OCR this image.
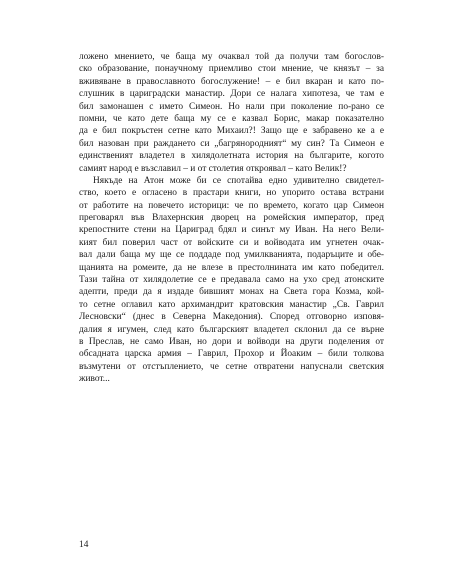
ложено мнението, че баща му очаквал той да получи там богослов-
ско образование, понаучному приемливо стои мнение, че князът – за
вживяване в православното богослужение! – е бил вкаран и като по-
слушник в цариградски манастир. Дори се налага хипотеза, че там е
бил замонашен с името Симеон. Но нали при поколение по-рано се
помни, че като дете баща му се е казвал Борис, макар показателно
да е бил покръстен сетне като Михаил?! Защо ще е забравено ке а е
бил назован при раждането си „багрянородният“ му син? Та Симеон е
единственият владетел в хилядолетната история на българите, когото
самият народ е възславил – и от столетия откроявал – като Велик!?
Някъде на Атон може би се спотайва едно удивително свидетел-
ство, което е огласено в прастари книги, но упорито остава встрани
от работите на повечето историци: че по времето, когато цар Симеон
преговарял във Влахернския дворец на ромейския император, пред
крепостните стени на Цариград бдял и синът му Иван. На него Вели-
кият бил поверил част от войските си и войводата им угнетен очак-
вал дали баща му ще се поддаде под умилкванията, подаръците и обе-
щанията на ромеите, да не влезе в престолнината им като победител.
Тази тайна от хилядолетие се е предавала само на ухо сред атонските
адепти, преди да я издаде бившият монах на Света гора Козма, кой-
то сетне оглавил като архимандрит кратовския манастир „Св. Гаврил
Лесновски“ (днес в Северна Македония). Според отговорно изповя-
далия я игумен, след като българският владетел склонил да се върне
в Преслав, не само Иван, но дори и войводи на други поделения от
обсадната царска армия – Гаврил, Прохор и Йоаким – били толкова
възмутени от отстъплението, че сетне отвратени напуснали светския
живот...
14
